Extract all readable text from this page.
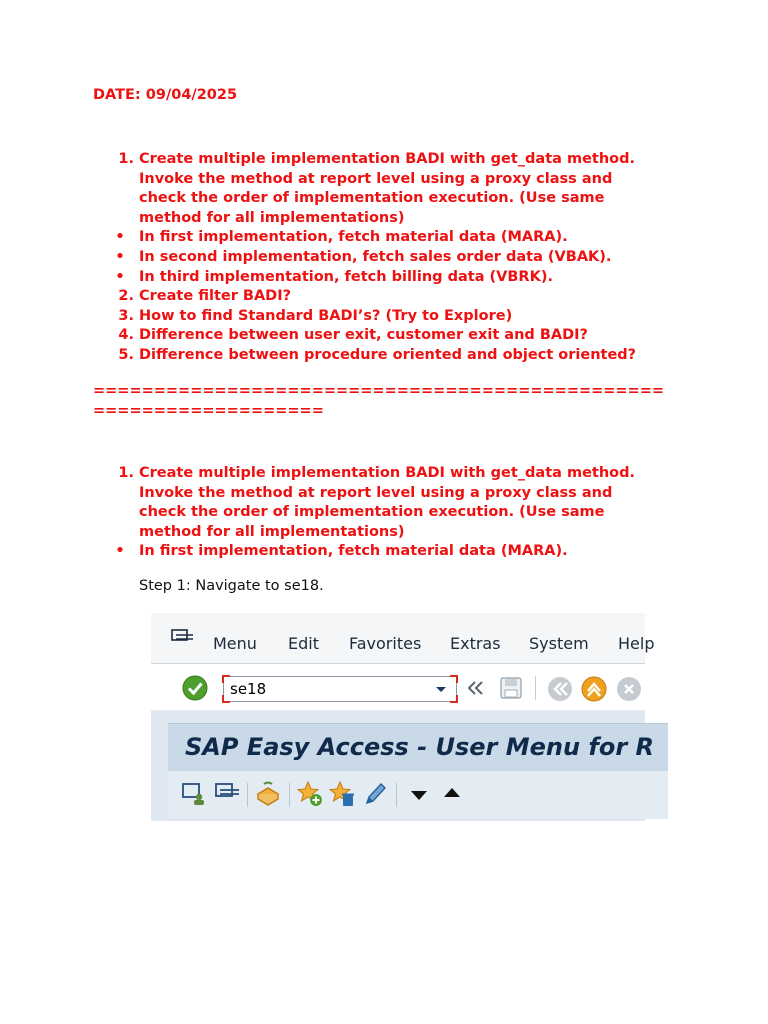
DATE: 09/04/2025
1. Create multiple implementation BADI with get_data method.
Invoke the method at report level using a proxy class and
check the order of implementation execution. (Use same
method for all implementations)
• In first implementation, fetch material data (MARA).
• In second implementation, fetch sales order data (VBAK).
• In third implementation, fetch billing data (VBRK).
2. Create filter BADI?
3. How to find Standard BADI’s? (Try to Explore)
4. Difference between user exit, customer exit and BADI?
5. Difference between procedure oriented and object oriented?
==================================================================
1. Create multiple implementation BADI with get_data method.
Invoke the method at report level using a proxy class and
check the order of implementation execution. (Use same
method for all implementations)
• In first implementation, fetch material data (MARA).
Step 1: Navigate to se18.
Menu Edit Favorites Extras System Help
se18
SAP Easy Access - User Menu for R
